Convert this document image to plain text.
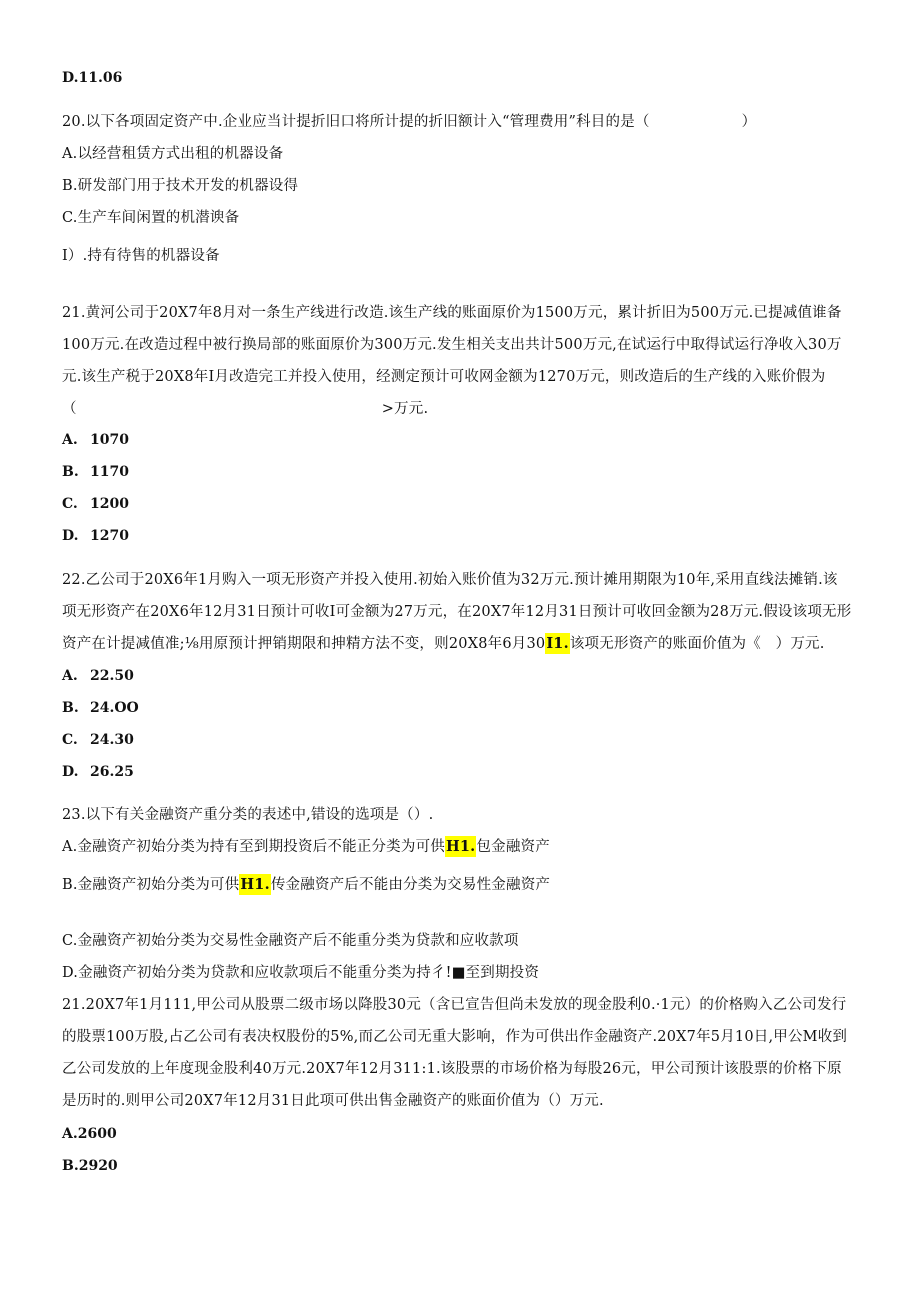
D.11.06
20.以下各项固定资产中.企业应当计提折旧口将所计提的折旧额计入“管理费用”科目的是（	）
A.以经营租赁方式出租的机器设备
B.研发部门用于技术开发的机器设得
C.生产车间闲置的机潜谀备
I）.持有待售的机器设备
21.黄河公司于20X7年8月对一条生产线进行改造.该生产线的账面原价为1500万元，累计折旧为500万元.已提减值谁备
100万元.在改造过程中被行换局部的账面原价为300万元.发生相关支出共计500万元,在试运行中取得试运行净收入30万
元.该生产税于20X8年I月改造完工并投入使用，经测定预计可收网金额为1270万元，则改造后的生产线的入账价假为
（	>万元.
A. 1070
B. 1170
C. 1200
D. 1270
22.乙公司于20X6年1月购入一项无形资产并投入使用.初始入账价值为32万元.预计摊用期限为10年,采用直线法摊销.该
项无形资产在20X6年12月31日预计可收I可金额为27万元，在20X7年12月31日预计可收回金额为28万元.假设该项无形
资产在计提减值准;⅛用原预计押销期限和抻精方法不变，则20X8年6月30I1.该项无形资产的账面价值为《　）万元.
A. 22.50
B. 24.OO
C. 24.30
D. 26.25
23.以下有关金融资产重分类的表述中,错设的选项是（）.
A.金融资产初始分类为持有至到期投资后不能正分类为可供H1.包金融资产
B.金融资产初始分类为可供H1.传金融资产后不能由分类为交易性金融资产
C.金融资产初始分类为交易性金融资产后不能重分类为贷款和应收款项
D.金融资产初始分类为贷款和应收款项后不能重分类为持彳!■至到期投资
21.20X7年1月111,甲公司从股票二级市场以降股30元（含已宣告但尚未发放的现金股利0.·1元）的价格购入乙公司发行
的股票100万股,占乙公司有表决权股份的5%,而乙公司无重大影响，作为可供出作金融资产.20X7年5月10日,甲公M收到
乙公司发放的上年度现金股利40万元.20X7年12月311:1.该股票的市场价格为每股26元，甲公司预计该股票的价格下原
是历时的.则甲公司20X7年12月31日此项可供出售金融资产的账面价值为（）万元.
A.2600
B.2920
